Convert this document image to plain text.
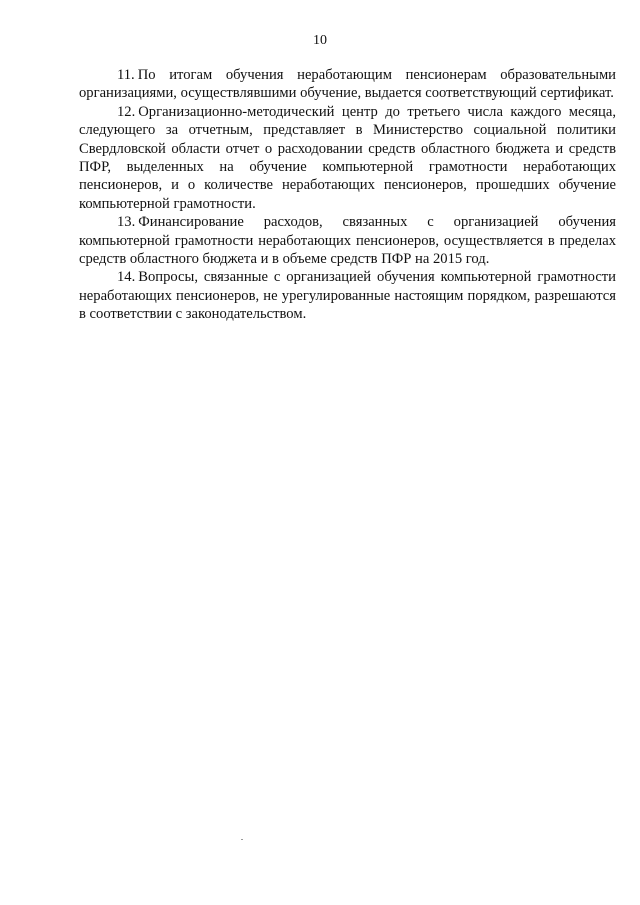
10

11. По итогам обучения неработающим пенсионерам образовательными организациями, осуществлявшими обучение, выдается соответствующий сертификат.

12. Организационно-методический центр до третьего числа каждого месяца, следующего за отчетным, представляет в Министерство социальной политики Свердловской области отчет о расходовании средств областного бюджета и средств ПФР, выделенных на обучение компьютерной грамотности неработающих пенсионеров, и о количестве неработающих пенсионеров, прошедших обучение компьютерной грамотности.

13. Финансирование расходов, связанных с организацией обучения компьютерной грамотности неработающих пенсионеров, осуществляется в пределах средств областного бюджета и в объеме средств ПФР на 2015 год.

14. Вопросы, связанные с организацией обучения компьютерной грамотности неработающих пенсионеров, не урегулированные настоящим порядком, разрешаются в соответствии с законодательством.
